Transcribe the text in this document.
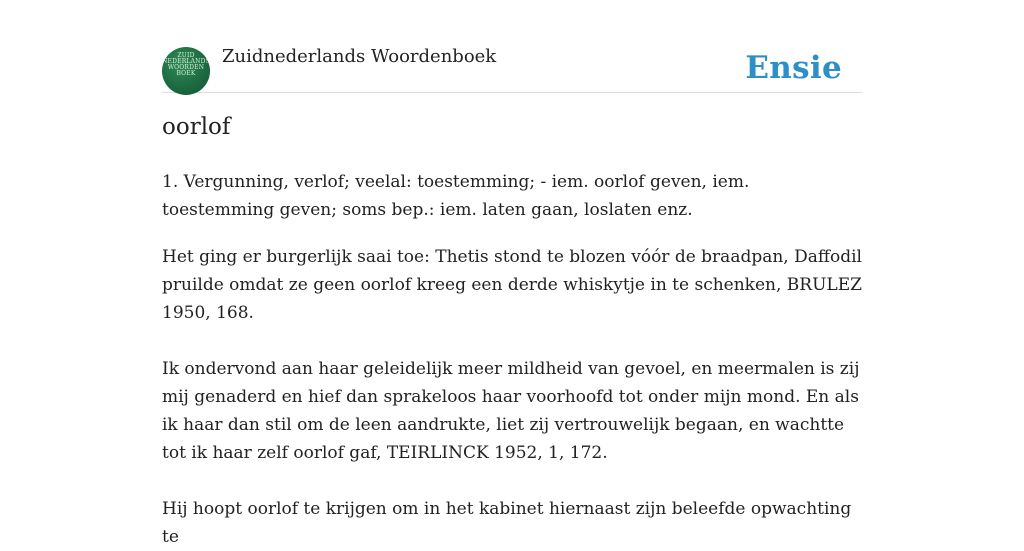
ZUID NEDERLANDS WOORDEN BOEK
Zuidnederlands Woordenboek	Ensie
oorlof

1. Vergunning, verlof; veelal: toestemming; - iem. oorlof geven, iem. toestemming geven; soms bep.: iem. laten gaan, loslaten enz.

Het ging er burgerlijk saai toe: Thetis stond te blozen vóór de braadpan, Daffodil pruilde omdat ze geen oorlof kreeg een derde whiskytje in te schenken, BRULEZ 1950, 168.

Ik ondervond aan haar geleidelijk meer mildheid van gevoel, en meermalen is zij mij genaderd en hief dan sprakeloos haar voorhoofd tot onder mijn mond. En als ik haar dan stil om de leen aandrukte, liet zij vertrouwelijk begaan, en wachtte tot ik haar zelf oorlof gaf, TEIRLINCK 1952, 1, 172.

Hij hoopt oorlof te krijgen om in het kabinet hiernaast zijn beleefde opwachting te
